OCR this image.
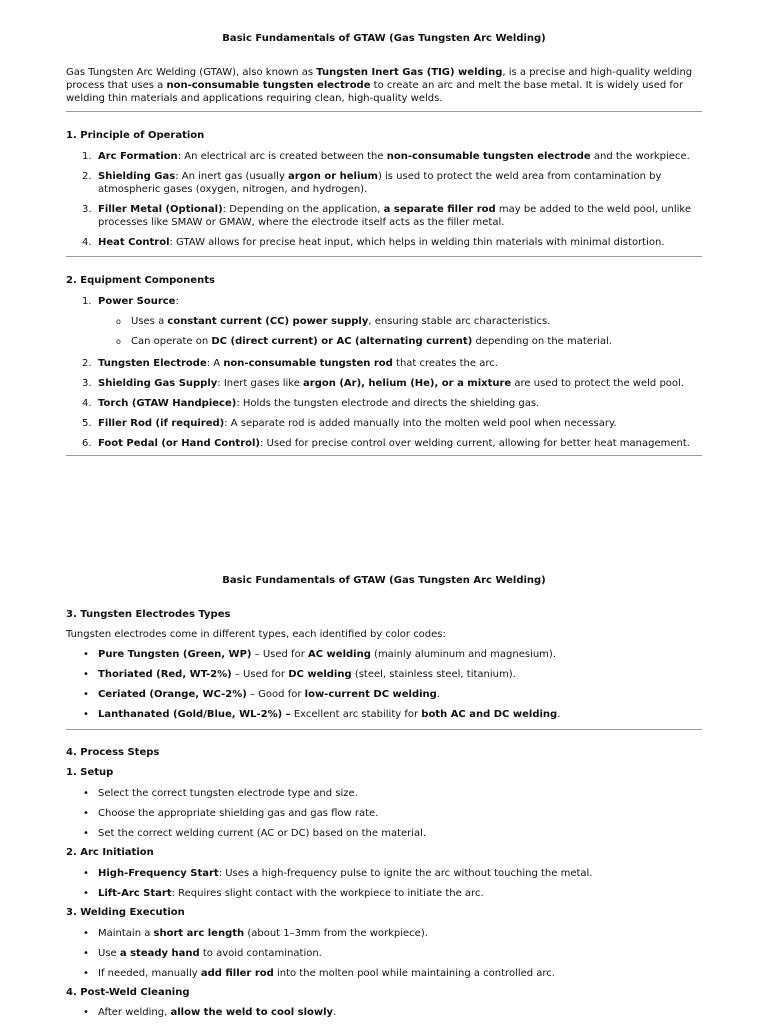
Basic Fundamentals of GTAW (Gas Tungsten Arc Welding)

Gas Tungsten Arc Welding (GTAW), also known as Tungsten Inert Gas (TIG) welding, is a precise and high-quality welding process that uses a non-consumable tungsten electrode to create an arc and melt the base metal. It is widely used for welding thin materials and applications requiring clean, high-quality welds.

1. Principle of Operation
1. Arc Formation: An electrical arc is created between the non-consumable tungsten electrode and the workpiece.
2. Shielding Gas: An inert gas (usually argon or helium) is used to protect the weld area from contamination by atmospheric gases (oxygen, nitrogen, and hydrogen).
3. Filler Metal (Optional): Depending on the application, a separate filler rod may be added to the weld pool, unlike processes like SMAW or GMAW, where the electrode itself acts as the filler metal.
4. Heat Control: GTAW allows for precise heat input, which helps in welding thin materials with minimal distortion.
2. Equipment Components
1. Power Source:
o Uses a constant current (CC) power supply, ensuring stable arc characteristics.
o Can operate on DC (direct current) or AC (alternating current) depending on the material.
2. Tungsten Electrode: A non-consumable tungsten rod that creates the arc.
3. Shielding Gas Supply: Inert gases like argon (Ar), helium (He), or a mixture are used to protect the weld pool.
4. Torch (GTAW Handpiece): Holds the tungsten electrode and directs the shielding gas.
5. Filler Rod (if required): A separate rod is added manually into the molten weld pool when necessary.
6. Foot Pedal (or Hand Control): Used for precise control over welding current, allowing for better heat management.
Basic Fundamentals of GTAW (Gas Tungsten Arc Welding)
3. Tungsten Electrodes Types

Tungsten electrodes come in different types, each identified by color codes:

• Pure Tungsten (Green, WP) – Used for AC welding (mainly aluminum and magnesium).
• Thoriated (Red, WT-2%) – Used for DC welding (steel, stainless steel, titanium).
• Ceriated (Orange, WC-2%) – Good for low-current DC welding.
• Lanthanated (Gold/Blue, WL-2%) – Excellent arc stability for both AC and DC welding.
4. Process Steps
1. Setup
• Select the correct tungsten electrode type and size.
• Choose the appropriate shielding gas and gas flow rate.
• Set the correct welding current (AC or DC) based on the material.
2. Arc Initiation
• High-Frequency Start: Uses a high-frequency pulse to ignite the arc without touching the metal.
• Lift-Arc Start: Requires slight contact with the workpiece to initiate the arc.
3. Welding Execution
• Maintain a short arc length (about 1–3mm from the workpiece).
• Use a steady hand to avoid contamination.
• If needed, manually add filler rod into the molten pool while maintaining a controlled arc.
4. Post-Weld Cleaning
• After welding, allow the weld to cool slowly.
